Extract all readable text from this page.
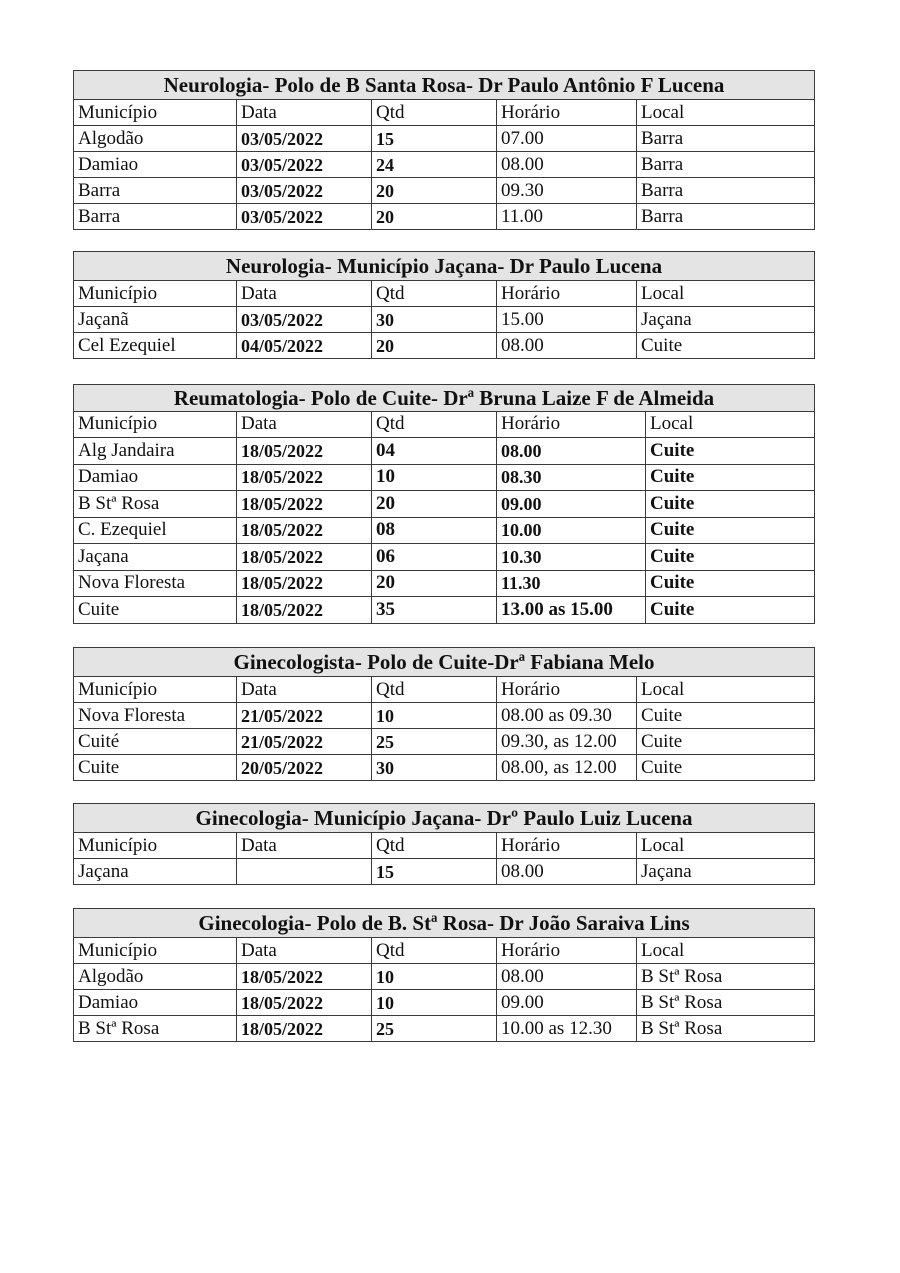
Neurologia- Polo de B Santa Rosa- Dr Paulo Antônio F Lucena				
Município	Data	Qtd	Horário	Local
Algodão	03/05/2022	15	07.00	Barra
Damiao	03/05/2022	24	08.00	Barra
Barra	03/05/2022	20	09.30	Barra
Barra	03/05/2022	20	11.00	Barra
Neurologia- Município Jaçana- Dr Paulo Lucena				
Município	Data	Qtd	Horário	Local
Jaçanã	03/05/2022	30	15.00	Jaçana
Cel Ezequiel	04/05/2022	20	08.00	Cuite
Reumatologia- Polo de Cuite- Drª Bruna Laize F de Almeida				
Município	Data	Qtd	Horário	Local
Alg Jandaira	18/05/2022	04	08.00	Cuite
Damiao	18/05/2022	10	08.30	Cuite
B Stª Rosa	18/05/2022	20	09.00	Cuite
C. Ezequiel	18/05/2022	08	10.00	Cuite
Jaçana	18/05/2022	06	10.30	Cuite
Nova Floresta	18/05/2022	20	11.30	Cuite
Cuite	18/05/2022	35	13.00 as 15.00	Cuite
Ginecologista- Polo de Cuite-Drª Fabiana Melo				
Município	Data	Qtd	Horário	Local
Nova Floresta	21/05/2022	10	08.00 as 09.30	Cuite
Cuité	21/05/2022	25	09.30, as 12.00	Cuite
Cuite	20/05/2022	30	08.00, as 12.00	Cuite
Ginecologia- Município Jaçana- Drº Paulo Luiz Lucena				
Município	Data	Qtd	Horário	Local
Jaçana		15	08.00	Jaçana
Ginecologia- Polo de B. Stª Rosa- Dr João Saraiva Lins				
Município	Data	Qtd	Horário	Local
Algodão	18/05/2022	10	08.00	B Stª Rosa
Damiao	18/05/2022	10	09.00	B Stª Rosa
B Stª Rosa	18/05/2022	25	10.00 as 12.30	B Stª Rosa
